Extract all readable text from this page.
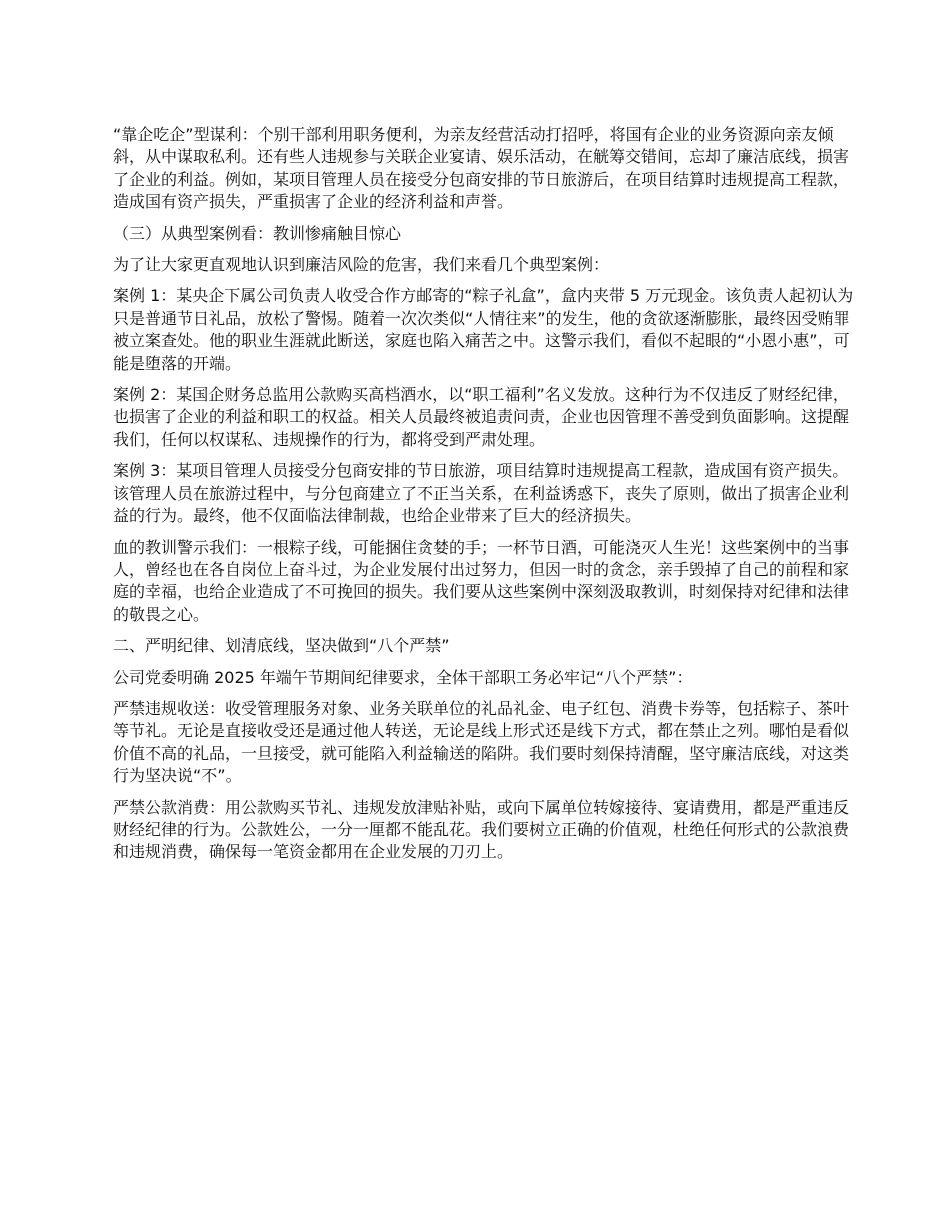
“靠企吃企”型谋利：个别干部利用职务便利，为亲友经营活动打招呼，将国有企业的业务资源向亲友倾斜，从中谋取私利。还有些人违规参与关联企业宴请、娱乐活动，在觥筹交错间，忘却了廉洁底线，损害了企业的利益。例如，某项目管理人员在接受分包商安排的节日旅游后，在项目结算时违规提高工程款，造成国有资产损失，严重损害了企业的经济利益和声誉。

（三）从典型案例看：教训惨痛触目惊心

为了让大家更直观地认识到廉洁风险的危害，我们来看几个典型案例：

案例 1：某央企下属公司负责人收受合作方邮寄的“粽子礼盒”，盒内夹带 5 万元现金。该负责人起初认为只是普通节日礼品，放松了警惕。随着一次次类似“人情往来”的发生，他的贪欲逐渐膨胀，最终因受贿罪被立案查处。他的职业生涯就此断送，家庭也陷入痛苦之中。这警示我们，看似不起眼的“小恩小惠”，可能是堕落的开端。

案例 2：某国企财务总监用公款购买高档酒水，以“职工福利”名义发放。这种行为不仅违反了财经纪律，也损害了企业的利益和职工的权益。相关人员最终被追责问责，企业也因管理不善受到负面影响。这提醒我们，任何以权谋私、违规操作的行为，都将受到严肃处理。

案例 3：某项目管理人员接受分包商安排的节日旅游，项目结算时违规提高工程款，造成国有资产损失。该管理人员在旅游过程中，与分包商建立了不正当关系，在利益诱惑下，丧失了原则，做出了损害企业利益的行为。最终，他不仅面临法律制裁，也给企业带来了巨大的经济损失。

血的教训警示我们：一根粽子线，可能捆住贪婪的手；一杯节日酒，可能浇灭人生光！这些案例中的当事人，曾经也在各自岗位上奋斗过，为企业发展付出过努力，但因一时的贪念，亲手毁掉了自己的前程和家庭的幸福，也给企业造成了不可挽回的损失。我们要从这些案例中深刻汲取教训，时刻保持对纪律和法律的敬畏之心。

二、严明纪律、划清底线，坚决做到“八个严禁”

公司党委明确 2025 年端午节期间纪律要求，全体干部职工务必牢记“八个严禁”：

严禁违规收送：收受管理服务对象、业务关联单位的礼品礼金、电子红包、消费卡券等，包括粽子、茶叶等节礼。无论是直接收受还是通过他人转送，无论是线上形式还是线下方式，都在禁止之列。哪怕是看似价值不高的礼品，一旦接受，就可能陷入利益输送的陷阱。我们要时刻保持清醒，坚守廉洁底线，对这类行为坚决说“不”。

严禁公款消费：用公款购买节礼、违规发放津贴补贴，或向下属单位转嫁接待、宴请费用，都是严重违反财经纪律的行为。公款姓公，一分一厘都不能乱花。我们要树立正确的价值观，杜绝任何形式的公款浪费和违规消费，确保每一笔资金都用在企业发展的刀刃上。
